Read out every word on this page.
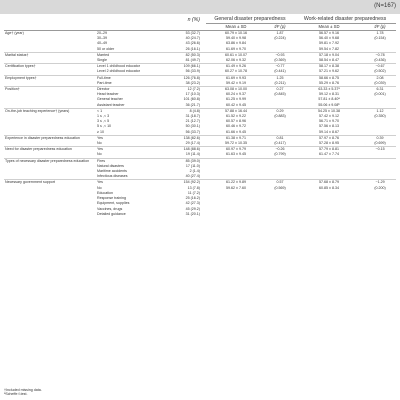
(N=167)
		n (%)	General disaster preparedness		Work-related disaster preparedness	
			Mean ± SD	t/F (p)	Mean ± SD	t/F (p)
Age† (year)	20–29	53 (32.7)	60.79 ± 10.16	1.87	56.57 ± 9.16	1.78
	30–39	40 (24.7)	59.40 ± 9.98	(0.224)	56.40 ± 9.68	(0.154)
	40–49	43 (26.6)	63.86 ± 9.84		59.81 ± 7.92	
	50 or older	26 (16.1)	61.69 ± 9.70		59.54 ± 7.82	
Marital status†	Married	82 (50.3)	60.61 ± 10.07	−0.93	57.18 ± 9.04	−0.78
	Single	81 (49.7)	62.06 ± 9.32	(0.369)	58.54 ± 8.47	(0.436)
Certification types†	Level 1 childhood educator	109 (66.1)	61.49 ± 9.26	−0.77	58.17 ± 8.38	−0.67
	Level 2 childhood educator	56 (33.9)	60.27 ± 10.78	(0.441)	57.21 ± 9.62	(0.502)
Employment types†	Full-time	126 (76.8)	61.69 ± 9.93	1.25	58.66 ± 8.75	2.08
	Part-time	38 (23.2)	59.42 ± 9.19	(0.211)	55.29 ± 8.76	(0.039)
Position†	Director	12 (7.2)	63.08 ± 10.00	0.27	63.33 ± 5.37ᵃ	6.31
	Head teacher	17 (10.3)	60.24 ± 9.37	(0.845)	59.12 ± 8.31	(0.001)
	General teacher	101 (60.8)	61.25 ± 9.99		57.81 ± 8.40ᵃ	
	Assistant teacher	36 (21.7)	60.42 ± 9.45		55.06 ± 9.08ᵇ	
On-the-job teaching experience† (years)	< 1	8 (4.8)	57.88 ± 16.44	0.29	54.25 ± 10.38	1.12
	1 ≤ ,< 3	31 (18.7)	61.52 ± 9.22	(0.883)	57.42 ± 9.12	(0.350)
	3 ≤ ,< 5	21 (12.7)	60.57 ± 8.96		56.71 ± 9.70	
	5 ≤ ,< 10	50 (30.1)	60.46 ± 9.72		57.56 ± 8.13	
	≥ 10	56 (33.7)	61.66 ± 9.45		59.14 ± 8.67	
Experience in disaster preparedness education	Yes	138 (82.6)	61.38 ± 9.71	0.81	57.97 ± 8.76	0.39
	No	29 (17.4)	59.72 ± 10.35	(0.417)	57.28 ± 8.95	(0.699)
Need for disaster preparedness education	Yes	148 (88.6)	60.97 ± 9.79	−0.26	57.79 ± 8.81	−0.15
	No	19 (11.4)	61.63 ± 9.45	(0.799)	61.47 ± 7.74	
Types of necessary disaster preparedness education	Fires	85 (39.0)				
	Natural disasters	17 (11.0)				
	Maritime accidents	2 (1.4)				
	Infectious diseases	40 (27.4)				
Necessary government support	Yes	154 (92.2)	61.22 ± 9.89	0.57	57.68 ± 8.79	−1.29
	No	13 (7.8)	59.62 ± 7.60	(0.569)	60.85 ± 8.34	(0.200)
	Education	11 (7.2)				
	Response training	25 (16.2)				
	Equipment, supplies	42 (27.3)				
	Vaccines, drugs	45 (29.2)				
	Detailed guidance	31 (20.1)				
†Included missing data.
ᵃScheffe f-test.
